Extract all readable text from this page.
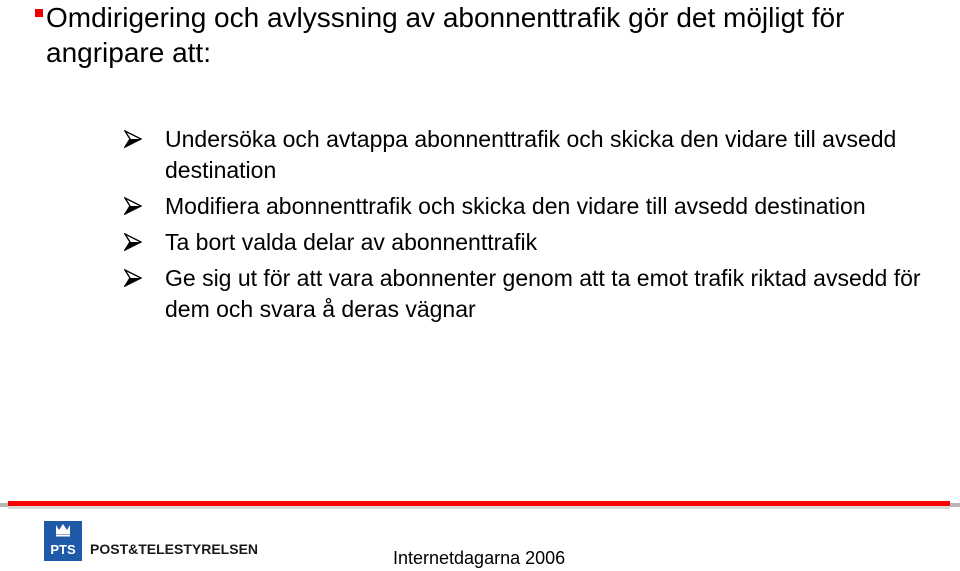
Omdirigering och avlyssning av abonnenttrafik gör det möjligt för angripare att:
Undersöka och avtappa abonnenttrafik och skicka den vidare till avsedd destination
Modifiera abonnenttrafik och skicka den vidare till avsedd destination
Ta bort valda delar av abonnenttrafik
Ge sig ut för att vara abonnenter genom att ta emot trafik riktad avsedd för dem och svara å deras vägnar
PTS POST&TELESTYRELSEN	Internetdagarna 2006
